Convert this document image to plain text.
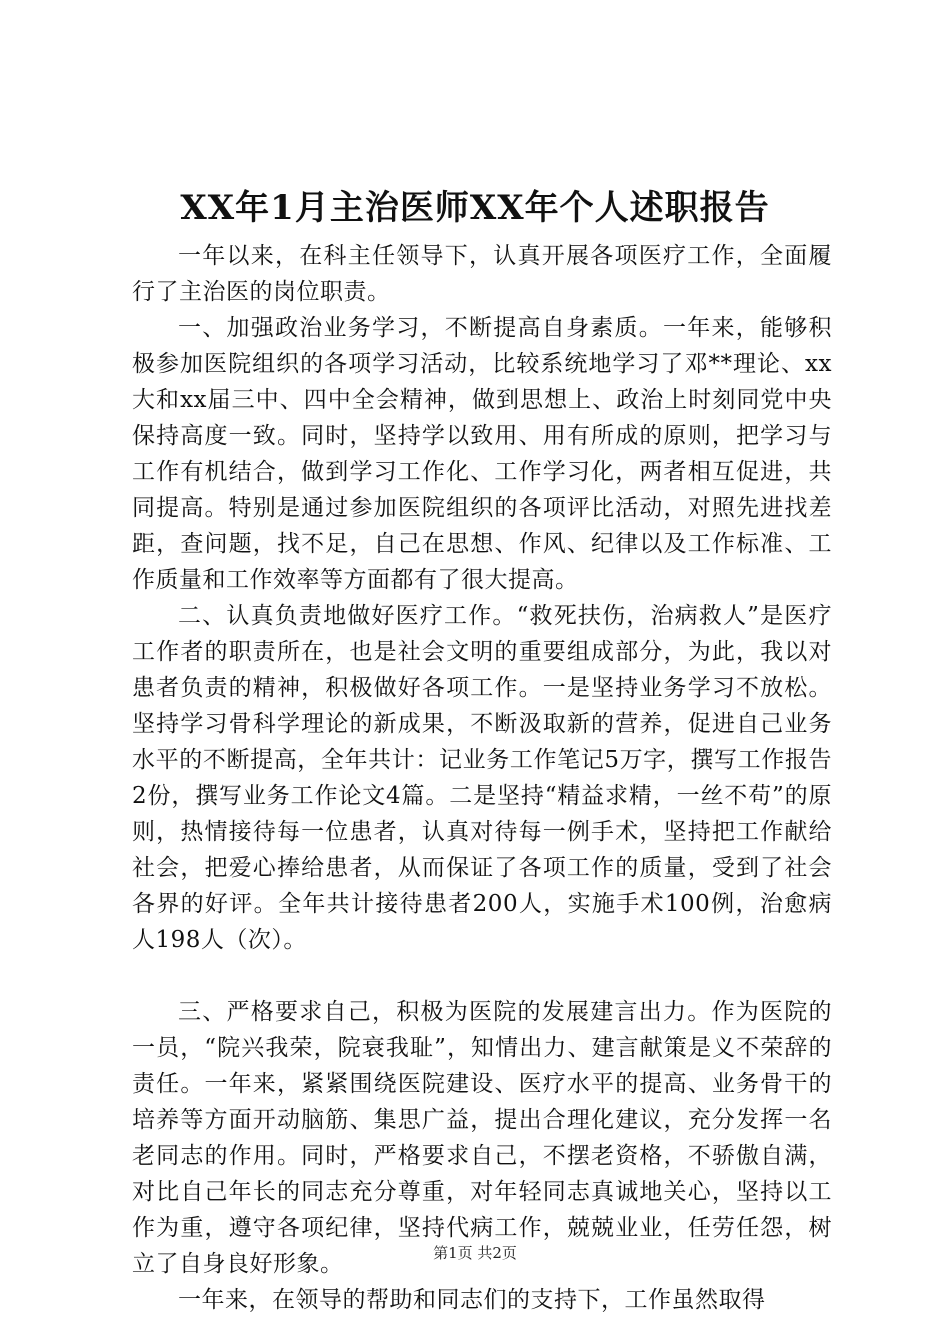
XX年1月主治医师XX年个人述职报告

一年以来，在科主任领导下，认真开展各项医疗工作，全面履行了主治医的岗位职责。

一、加强政治业务学习，不断提高自身素质。一年来，能够积极参加医院组织的各项学习活动，比较系统地学习了邓**理论、xx大和xx届三中、四中全会精神，做到思想上、政治上时刻同党中央保持高度一致。同时，坚持学以致用、用有所成的原则，把学习与工作有机结合，做到学习工作化、工作学习化，两者相互促进，共同提高。特别是通过参加医院组织的各项评比活动，对照先进找差距，查问题，找不足，自己在思想、作风、纪律以及工作标准、工作质量和工作效率等方面都有了很大提高。

二、认真负责地做好医疗工作。“救死扶伤，治病救人”是医疗工作者的职责所在，也是社会文明的重要组成部分，为此，我以对患者负责的精神，积极做好各项工作。一是坚持业务学习不放松。坚持学习骨科学理论的新成果，不断汲取新的营养，促进自己业务水平的不断提高，全年共计：记业务工作笔记5万字，撰写工作报告2份，撰写业务工作论文4篇。二是坚持“精益求精，一丝不苟”的原则，热情接待每一位患者，认真对待每一例手术，坚持把工作献给社会，把爱心捧给患者，从而保证了各项工作的质量，受到了社会各界的好评。全年共计接待患者200人，实施手术100例，治愈病人198人（次）。

三、严格要求自己，积极为医院的发展建言出力。作为医院的一员，“院兴我荣，院衰我耻”，知情出力、建言献策是义不荣辞的责任。一年来，紧紧围绕医院建设、医疗水平的提高、业务骨干的培养等方面开动脑筋、集思广益，提出合理化建议，充分发挥一名老同志的作用。同时，严格要求自己，不摆老资格，不骄傲自满，对比自己年长的同志充分尊重，对年轻同志真诚地关心，坚持以工作为重，遵守各项纪律，坚持代病工作，兢兢业业，任劳任怨，树立了自身良好形象。

一年来，在领导的帮助和同志们的支持下，工作虽然取得

第1页 共2页
